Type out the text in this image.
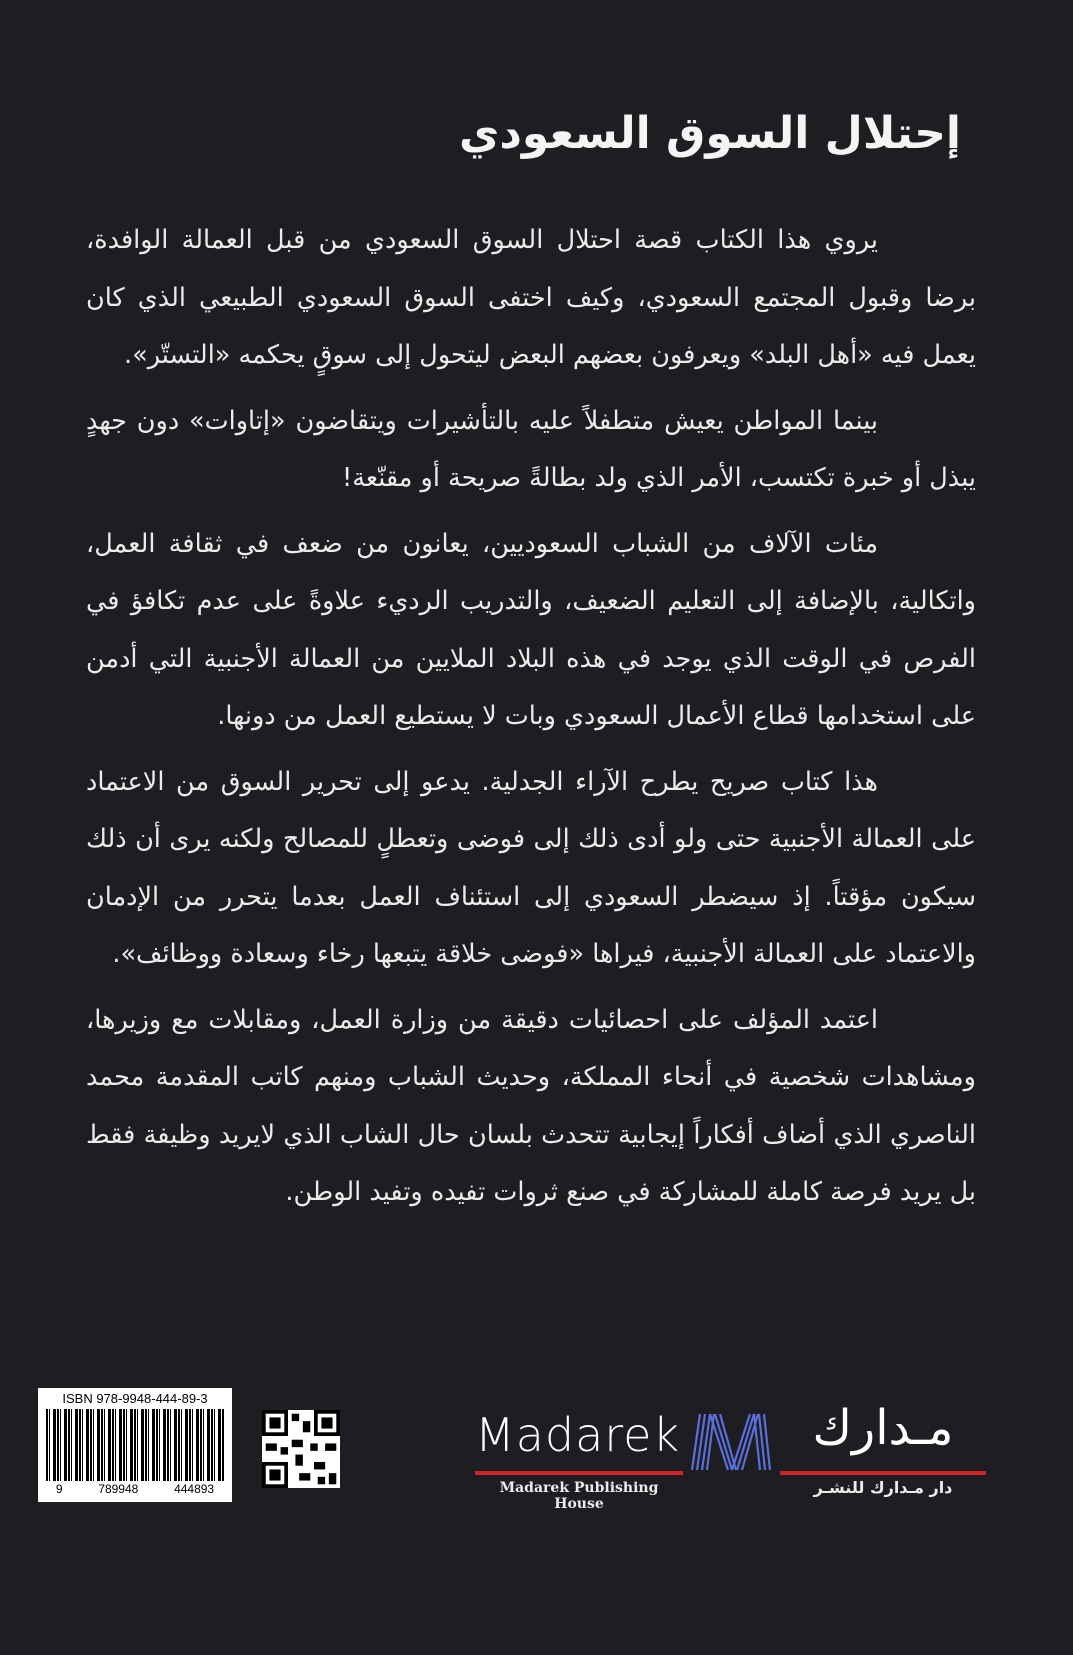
إحتلال السوق السعودي

يروي هذا الكتاب قصة احتلال السوق السعودي من قبل العمالة الوافدة، برضا وقبول المجتمع السعودي، وكيف اختفى السوق السعودي الطبيعي الذي كان يعمل فيه «أهل البلد» ويعرفون بعضهم البعض ليتحول إلى سوقٍ يحكمه «التستّر».

بينما المواطن يعيش متطفلاً عليه بالتأشيرات ويتقاضون «إتاوات» دون جهدٍ يبذل أو خبرة تكتسب، الأمر الذي ولد بطالةً صريحة أو مقنّعة!

مئات الآلاف من الشباب السعوديين، يعانون من ضعف في ثقافة العمل، واتكالية، بالإضافة إلى التعليم الضعيف، والتدريب الرديء علاوةً على عدم تكافؤ في الفرص في الوقت الذي يوجد في هذه البلاد الملايين من العمالة الأجنبية التي أدمن على استخدامها قطاع الأعمال السعودي وبات لا يستطيع العمل من دونها.

هذا كتاب صريح يطرح الآراء الجدلية. يدعو إلى تحرير السوق من الاعتماد على العمالة الأجنبية حتى ولو أدى ذلك إلى فوضى وتعطلٍ للمصالح ولكنه يرى أن ذلك سيكون مؤقتاً. إذ سيضطر السعودي إلى استئناف العمل بعدما يتحرر من الإدمان والاعتماد على العمالة الأجنبية، فيراها «فوضى خلاقة يتبعها رخاء وسعادة ووظائف».

اعتمد المؤلف على احصائيات دقيقة من وزارة العمل، ومقابلات مع وزيرها، ومشاهدات شخصية في أنحاء المملكة، وحديث الشباب ومنهم كاتب المقدمة محمد الناصري الذي أضاف أفكاراً إيجابية تتحدث بلسان حال الشاب الذي لايريد وظيفة فقط بل يريد فرصة كاملة للمشاركة في صنع ثروات تفيده وتفيد الوطن.

ISBN 978-9948-444-89-3
9	789948	444893
Madarek
Madarek Publishing House
مـدارك
دار مـدارك للنشـر
